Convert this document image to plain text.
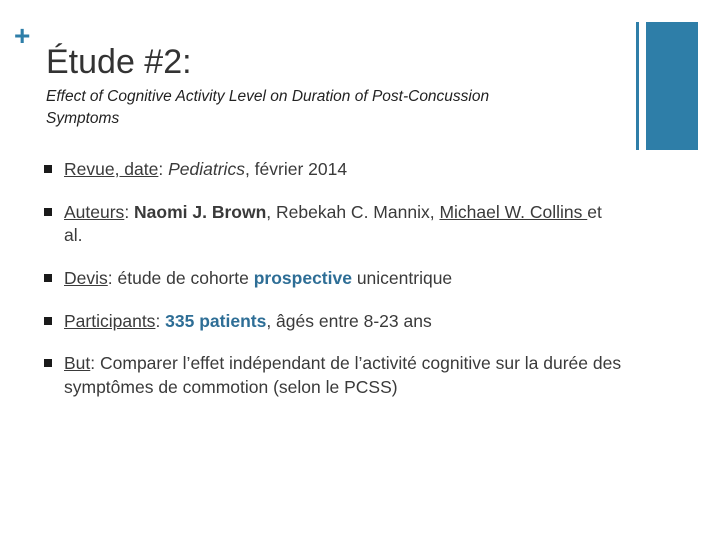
+
Étude #2:
Effect of Cognitive Activity Level on Duration of Post-Concussion Symptoms
Revue, date: Pediatrics, février 2014
Auteurs: Naomi J. Brown, Rebekah C. Mannix, Michael W. Collins et al.
Devis: étude de cohorte prospective unicentrique
Participants: 335 patients, âgés entre 8-23 ans
But: Comparer l’effet indépendant de l’activité cognitive sur la durée des symptômes de commotion (selon le PCSS)
